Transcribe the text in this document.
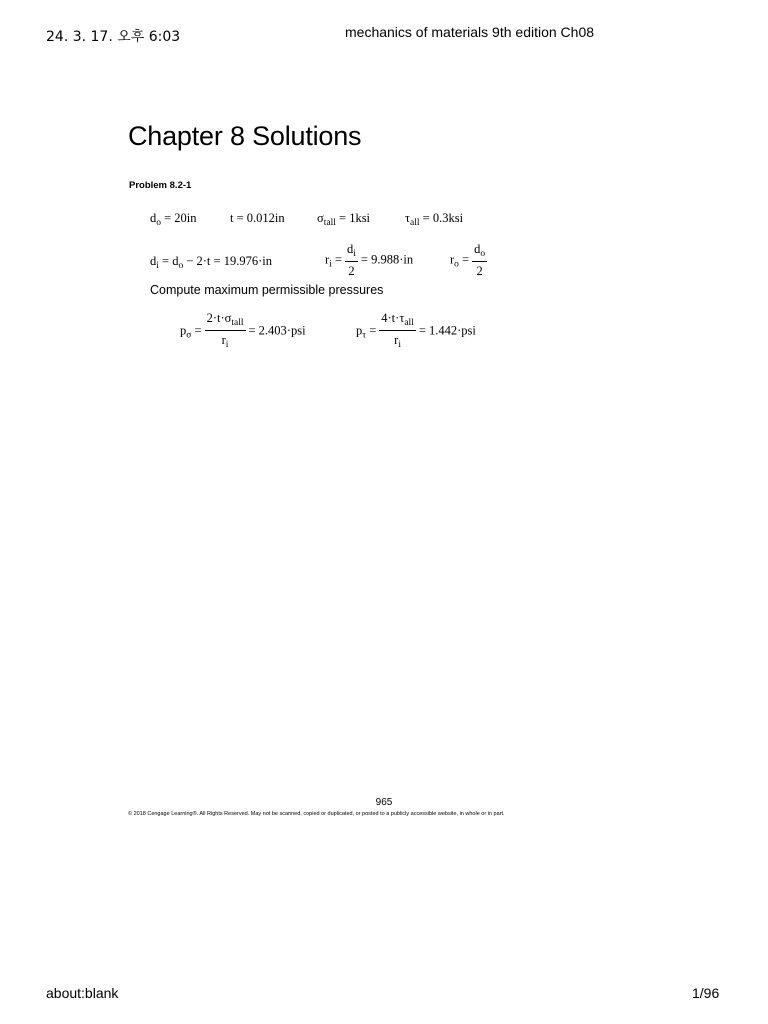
24. 3. 17. 오후 6:03	mechanics of materials 9th edition Ch08
Chapter 8 Solutions
Problem 8.2-1
$d_o = 20in$	t = 0.012in	$\sigma_{tall} = 1ksi$	$\tau_{all} = 0.3ksi$
$d_i = d_o - 2\cdot t = 19.976\cdot in$	$r_i = \frac{d_i}{2} = 9.988\cdot in$	$r_o = \frac{d_o}{2}$
Compute maximum permissible pressures
$p_\sigma = \frac{2\cdot t\cdot\sigma_{tall}}{r_i} = 2.403\cdot psi$	$p_\tau = \frac{4\cdot t\cdot\tau_{all}}{r_i} = 1.442\cdot psi$
965
© 2018 Cengage Learning®. All Rights Reserved. May not be scanned, copied or duplicated, or posted to a publicly accessible website, in whole or in part.
about:blank	1/96
